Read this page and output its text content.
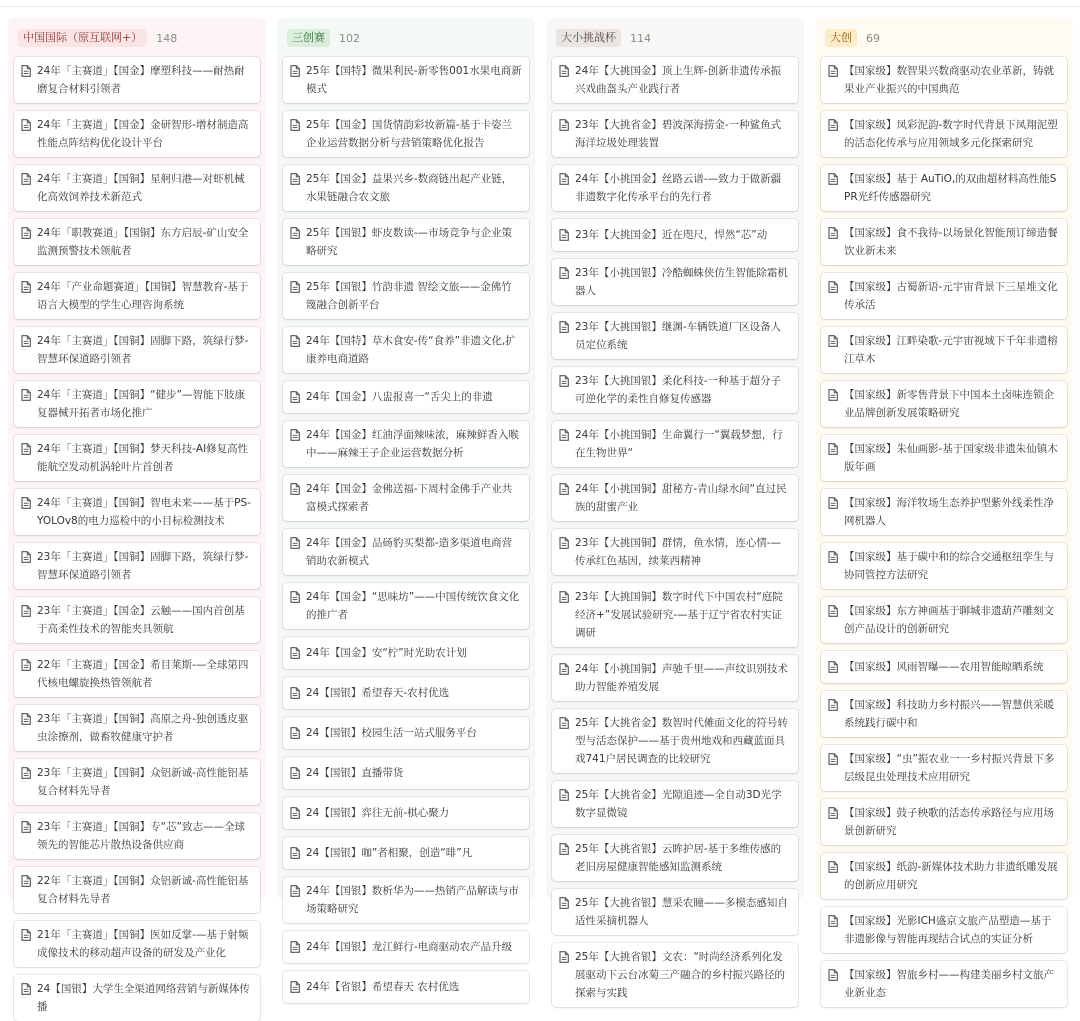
中国国际（原互联网+）	148
24年「主赛道」【国金】摩塑科技——耐热耐磨复合材料引领者
24年「主赛道」【国金】金研智形-增材制造高性能点阵结构优化设计平台
24年「主赛道」【国铜】星舸归港—对虾机械化高效饲养技术新范式
24年「职教赛道」【国铜】东方启辰-矿山安全监测预警技术领航者
24年「产业命题赛道」【国铜】智慧教育-基于语言大模型的学生心理咨询系统
24年「主赛道」【国铜】固脚下路，筑绿行梦-智慧环保道路引领者
24年「主赛道」【国铜】“健步”—智能下肢康复器械开拓者市场化推广
24年「主赛道」【国铜】梦天科技-AI修复高性能航空发动机涡轮叶片首创者
24年「主赛道」【国铜】智电未来——基于PS-YOLOv8的电力巡检中的小目标检测技术
23年「主赛道」【国铜】固脚下路，筑绿行梦-智慧环保道路引领者
23年「主赛道」【国金】云触——国内首创基于高柔性技术的智能夹具领航
22年「主赛道」【国金】希目莱斯-—全球第四代核电螺旋换热管领航者
23年「主赛道」【国铜】高原之舟-独创透皮驱虫涂擦剂，做畜牧健康守护者
23年「主赛道」【国铜】众铝新诚-高性能铝基复合材料先导者
23年「主赛道」【国铜】专“芯”致志——全球领先的智能芯片散热设备供应商
22年「主赛道」【国铜】众铝新诚-高性能铝基复合材料先导者
21年「主赛道」【国铜】医如反掌-—基于射频成像技术的移动超声设备的研发及产业化
24【国银】大学生全渠道网络营销与新媒体传播
三创赛	102
25年【国特】微果利民-新零售001水果电商新模式
25年【国金】国货情韵彩妆新篇-基于卡姿兰企业运营数据分析与营销策略优化报告
25年【国金】益果兴乡-数商链出起产业链，水果链融合农文旅
25年【国银】虾皮数读-—市场竞争与企业策略研究
25年【国银】竹韵非遗 智绘文旅——金佛竹篾融合创新平台
24年【国特】草木食安-传“食养”非遗文化,扩康养电商道路
24年【国金】八盅报喜一“舌尖上的非遗
24年【国金】红油浮面辣味浓，麻辣鲜香入喉中——麻辣王子企业运营数据分析
24年【国金】金佛送福-下周村金佛手产业共富模式探索者
24年【国金】品砀豹买梨都-造多渠道电商营销助农新模式
24年【国金】“思味坊”——中国传统饮食文化的推广者
24年【国金】安“柠”时光助农计划
24【国银】希望春天-农村优选
24【国银】校园生活一站式服务平台
24【国银】直播带货
24【国银】弈往无前-棋心聚力
24【国银】咖”者相聚，创造“啡”凡
24年【国银】数析华为——热销产品解读与市场策略研究
24年【国银】龙江鲜行-电商驱动农产品升级
24年【省银】希望春天 农村优选
大小挑战杯	114
24年【大挑国金】顶上生辉-创新非遗传承振兴戏曲盔头产业践行者
23年【大挑省金】碧波深海捞金-一种鲨鱼式海洋垃圾处理装置
24年【小挑国金】丝路云谱-—致力于做新疆非遗数字化传承平台的先行者
23年【大挑国金】近在咫尺，悍然“芯”动
23年【小挑国银】冷酷蜘蛛侠仿生智能除霜机器人
23年【大挑国银】继渊-车辆铁道厂区设备人员定位系统
23年【大挑国银】柔化科技-一种基于超分子可逆化学的柔性自修复传感器
24年【小挑国铜】生命翼行一“翼载梦想，行在生物世界“
24年【小挑国铜】甜秘方-青山绿水间“直过民族的甜蜜产业
23年【大挑国铜】群情，鱼水情，连心情-—传承红色基因，续莱西精神
23年【大挑国铜】数字时代下中国农村“庭院经济+”发展试验研究-—基于辽宁省农村实证调研
24年【小挑国铜】声驰千里——声纹识别技术助力智能养殖发展
25年【大挑省金】数智时代傩面文化的符号转型与活态保护——基于贵州地戏和西藏蓝面具戏741户居民调查的比较研究
25年【大挑省金】光隙追迹—全自动3D光学数字显微镜
25年【大挑省银】云眸护居-基于多维传感的老旧房屋健康智能感知监测系统
25年【大挑省银】慧采农瞳——多模态感知自适性采摘机器人
25年【大挑省银】文农：“时尚经济系列化发展驱动下云台冰菊三产融合的乡村振兴路径的探索与实践
大创	69
【国家级】数智果兴数商驱动农业革新，铸就果业产业振兴的中国典范
【国家级】凤彩泥韵-数字时代背景下凤翔泥塑的活态化传承与应用领域多元化探索研究
【国家级】基于 AuTiO,的双曲超材料高性能SPR光纤传感器研究
【国家级】食不我待-以场景化智能预订缔造餐饮业新未来
【国家级】古蜀新语-元宇宙背景下三星堆文化传承活
【国家级】江畔染歌-元宇宙视域下千年非遗榕江草木
【国家级】新零售背景下中国本土卤味连锁企业品牌创新发展策略研究
【国家级】朱仙画影-基于国家级非遗朱仙镇木版年画
【国家级】海洋牧场生态养护型紫外线柔性净网机器人
【国家级】基于碳中和的综合交通枢纽孪生与协同管控方法研究
【国家级】东方神画基于聊城非遗葫芦雕刻文创产品设计的创新研究
【国家级】风雨智曝——农用智能晾晒系统
【国家级】科技助力乡村振兴——智慧供采暖系统践行碳中和
【国家级】“虫”振农业一一乡村振兴背景下多层级昆虫处理技术应用研究
【国家级】鼓子秧歌的活态传承路径与应用场景创新研究
【国家级】纸韵-新媒体技术助力非遗纸雕发展的创新应用研究
【国家级】光影ICH盛京文旅产品塑造—基于非遗影像与智能再现结合试点的实证分析
【国家级】智旅乡村——构建美丽乡村文旅产业新业态
